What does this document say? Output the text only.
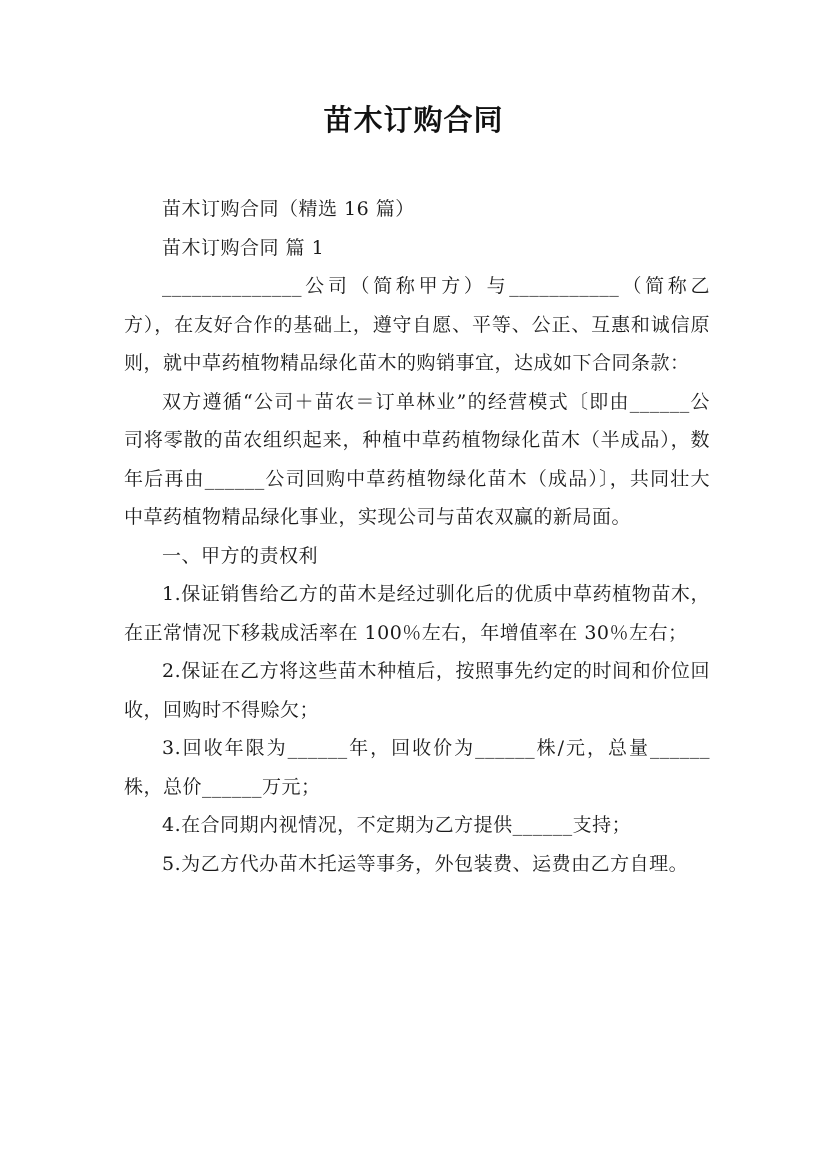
苗木订购合同

苗木订购合同（精选 16 篇）

苗木订购合同 篇 1

______________公司（简称甲方）与___________（简称乙方），在友好合作的基础上，遵守自愿、平等、公正、互惠和诚信原则，就中草药植物精品绿化苗木的购销事宜，达成如下合同条款：

双方遵循“公司＋苗农＝订单林业”的经营模式〔即由______公司将零散的苗农组织起来，种植中草药植物绿化苗木（半成品），数年后再由______公司回购中草药植物绿化苗木（成品）〕，共同壮大中草药植物精品绿化事业，实现公司与苗农双赢的新局面。

一、甲方的责权利

1.保证销售给乙方的苗木是经过驯化后的优质中草药植物苗木，在正常情况下移栽成活率在 100％左右，年增值率在 30％左右；

2.保证在乙方将这些苗木种植后，按照事先约定的时间和价位回收，回购时不得赊欠；

3.回收年限为______年，回收价为______株/元，总量______株，总价______万元；

4.在合同期内视情况，不定期为乙方提供______支持；

5.为乙方代办苗木托运等事务，外包装费、运费由乙方自理。
